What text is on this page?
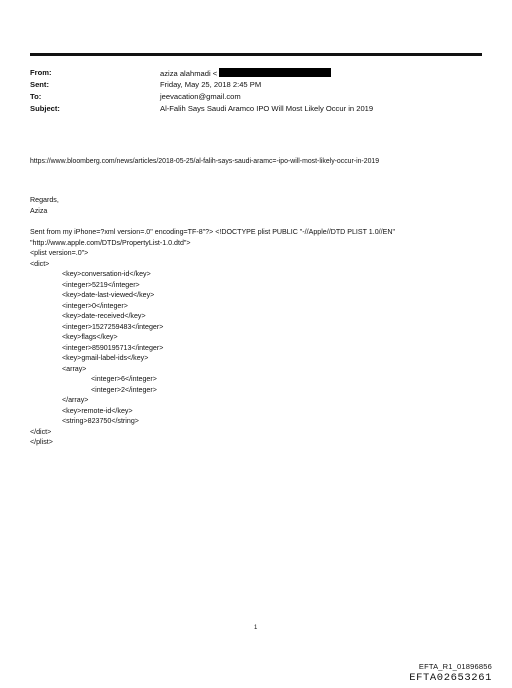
From:	aziza alahmadi <
Sent:	Friday, May 25, 2018 2:45 PM
To:	jeevacation@gmail.com
Subject:	Al-Falih Says Saudi Aramco IPO Will Most Likely Occur in 2019
https://www.bloomberg.com/news/articles/2018-05-25/al-falih-says-saudi-aramc=-ipo-will-most-likely-occur-in-2019
Regards,
Aziza
Sent from my iPhone=?xml version=.0" encoding=TF-8"?> <!DOCTYPE plist PUBLIC "-//Apple//DTD PLIST 1.0//EN"
"http://www.apple.com/DTDs/PropertyList-1.0.dtd">
<plist version=.0">
<dict>
<key>conversation-id</key>
<integer>5219</integer>
<key>date-last-viewed</key>
<integer>0</integer>
<key>date-received</key>
<integer>1527259483</integer>
<key>flags</key>
<integer>8590195713</integer>
<key>gmail-label-ids</key>
<array>
<integer>6</integer>
<integer>2</integer>
</array>
<key>remote-id</key>
<string>823750</string>
</dict>
</plist>
1
EFTA_R1_01896856
EFTA02653261
